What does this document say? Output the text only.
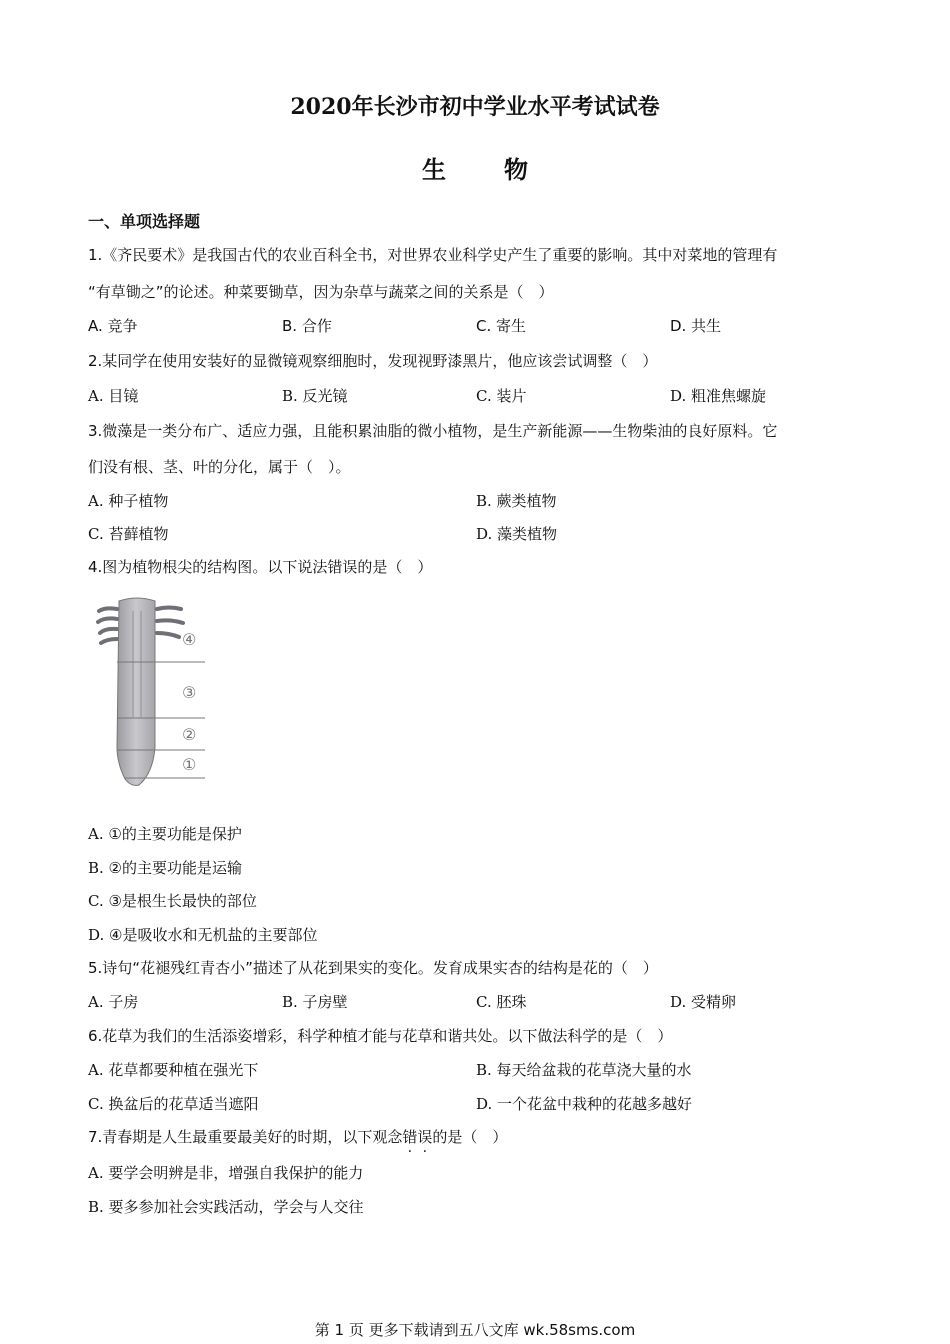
2020年长沙市初中学业水平考试试卷
生物
一、单项选择题
1.《齐民要术》是我国古代的农业百科全书，对世界农业科学史产生了重要的影响。其中对菜地的管理有
“有草锄之”的论述。种菜要锄草，因为杂草与蔬菜之间的关系是（　）
A. 竞争	B. 合作	C. 寄生	D. 共生
2.某同学在使用安装好的显微镜观察细胞时，发现视野漆黑片，他应该尝试调整（　）
A. 目镜	B. 反光镜	C. 装片	D. 粗准焦螺旋
3.微藻是一类分布广、适应力强，且能积累油脂的微小植物，是生产新能源——生物柴油的良好原料。它
们没有根、茎、叶的分化，属于（　）。
A. 种子植物	B. 蕨类植物
C. 苔藓植物	D. 藻类植物
4.图为植物根尖的结构图。以下说法错误的是（　）
④
③
②
①
A. ①的主要功能是保护
B. ②的主要功能是运输
C. ③是根生长最快的部位
D. ④是吸收水和无机盐的主要部位
5.诗句“花褪残红青杏小”描述了从花到果实的变化。发育成果实杏的结构是花的（　）
A. 子房	B. 子房壁	C. 胚珠	D. 受精卵
6.花草为我们的生活添姿增彩，科学种植才能与花草和谐共处。以下做法科学的是（　）
A. 花草都要种植在强光下	B. 每天给盆栽的花草浇大量的水
C. 换盆后的花草适当遮阳	D. 一个花盆中栽种的花越多越好
7.青春期是人生最重要最美好的时期，以下观念错误的是（　）
A. 要学会明辨是非，增强自我保护的能力
B. 要多参加社会实践活动，学会与人交往
第 1 页 更多下载请到五八文库 wk.58sms.com
